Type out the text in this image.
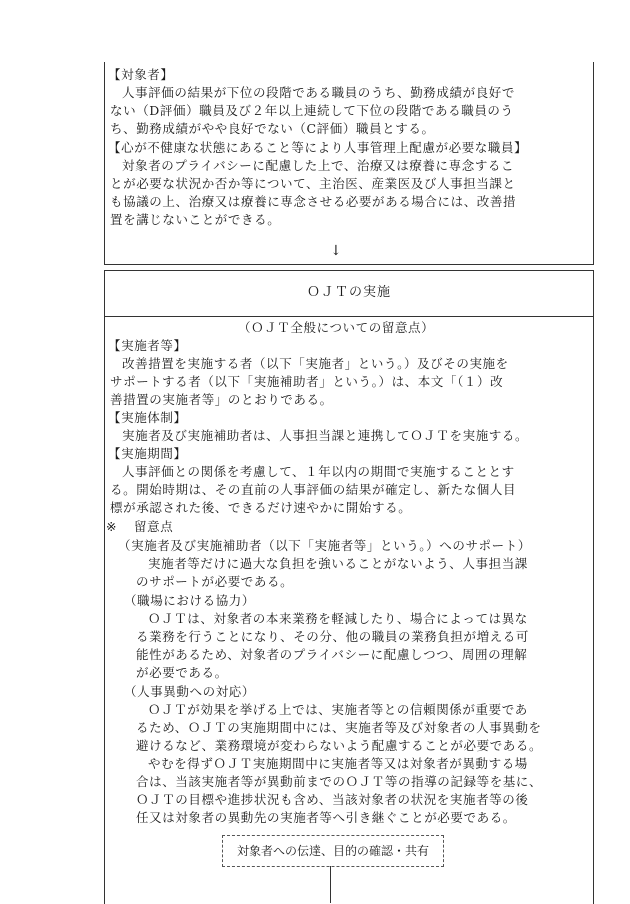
【対象者】
人事評価の結果が下位の段階である職員のうち、勤務成績が良好で
ない（D評価）職員及び２年以上連続して下位の段階である職員のう
ち、勤務成績がやや良好でない（C評価）職員とする。
【心が不健康な状態にあること等により人事管理上配慮が必要な職員】
対象者のプライバシーに配慮した上で、治療又は療養に専念するこ
とが必要な状況か否か等について、主治医、産業医及び人事担当課と
も協議の上、治療又は療養に専念させる必要がある場合には、改善措
置を講じないことができる。
↓
ＯＪＴの実施
（ＯＪＴ全般についての留意点）
【実施者等】
改善措置を実施する者（以下「実施者」という。）及びその実施を
サポートする者（以下「実施補助者」という。）は、本文「（１）改
善措置の実施者等」のとおりである。
【実施体制】
実施者及び実施補助者は、人事担当課と連携してＯＪＴを実施する。
【実施期間】
人事評価との関係を考慮して、１年以内の期間で実施することとす
る。開始時期は、その直前の人事評価の結果が確定し、新たな個人目
標が承認された後、できるだけ速やかに開始する。
※ 留意点
（実施者及び実施補助者（以下「実施者等」という。）へのサポート）
実施者等だけに過大な負担を強いることがないよう、人事担当課
のサポートが必要である。
（職場における協力）
ＯＪＴは、対象者の本来業務を軽減したり、場合によっては異な
る業務を行うことになり、その分、他の職員の業務負担が増える可
能性があるため、対象者のプライバシーに配慮しつつ、周囲の理解
が必要である。
（人事異動への対応）
ＯＪＴが効果を挙げる上では、実施者等との信頼関係が重要であ
るため、ＯＪＴの実施期間中には、実施者等及び対象者の人事異動を
避けるなど、業務環境が変わらないよう配慮することが必要である。
やむを得ずＯＪＴ実施期間中に実施者等又は対象者が異動する場
合は、当該実施者等が異動前までのＯＪＴ等の指導の記録等を基に、
ＯＪＴの目標や進捗状況も含め、当該対象者の状況を実施者等の後
任又は対象者の異動先の実施者等へ引き継ぐことが必要である。
対象者への伝達、目的の確認・共有
